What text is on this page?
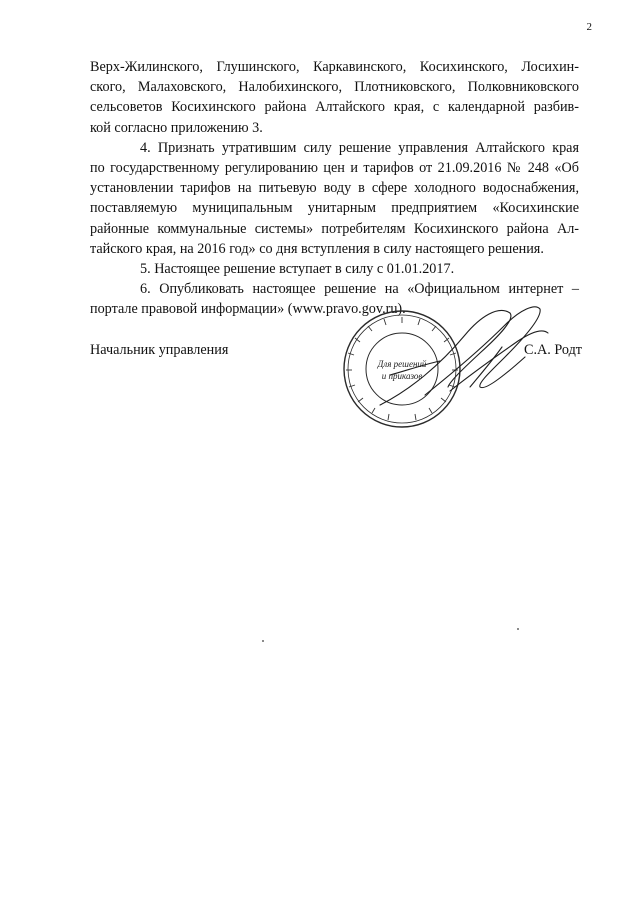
2
Верх-Жилинского, Глушинского, Каркавинского, Косихинского, Лосихин-
ского, Малаховского, Налобихинского, Плотниковского, Полковниковского
сельсоветов Косихинского района Алтайского края, с календарной разбив-
кой согласно приложению 3.
4. Признать утратившим силу решение управления Алтайского края
по государственному регулированию цен и тарифов от 21.09.2016 № 248 «Об
установлении тарифов на питьевую воду в сфере холодного водоснабжения,
поставляемую муниципальным унитарным предприятием «Косихинские
районные коммунальные системы» потребителям Косихинского района Ал-
тайского края, на 2016 год» со дня вступления в силу настоящего решения.
5. Настоящее решение вступает в силу с 01.01.2017.
6. Опубликовать настоящее решение на «Официальном интернет –
портале правовой информации» (www.pravo.gov.ru).
Начальник управления	С.А. Родт
Для решений
и приказов
